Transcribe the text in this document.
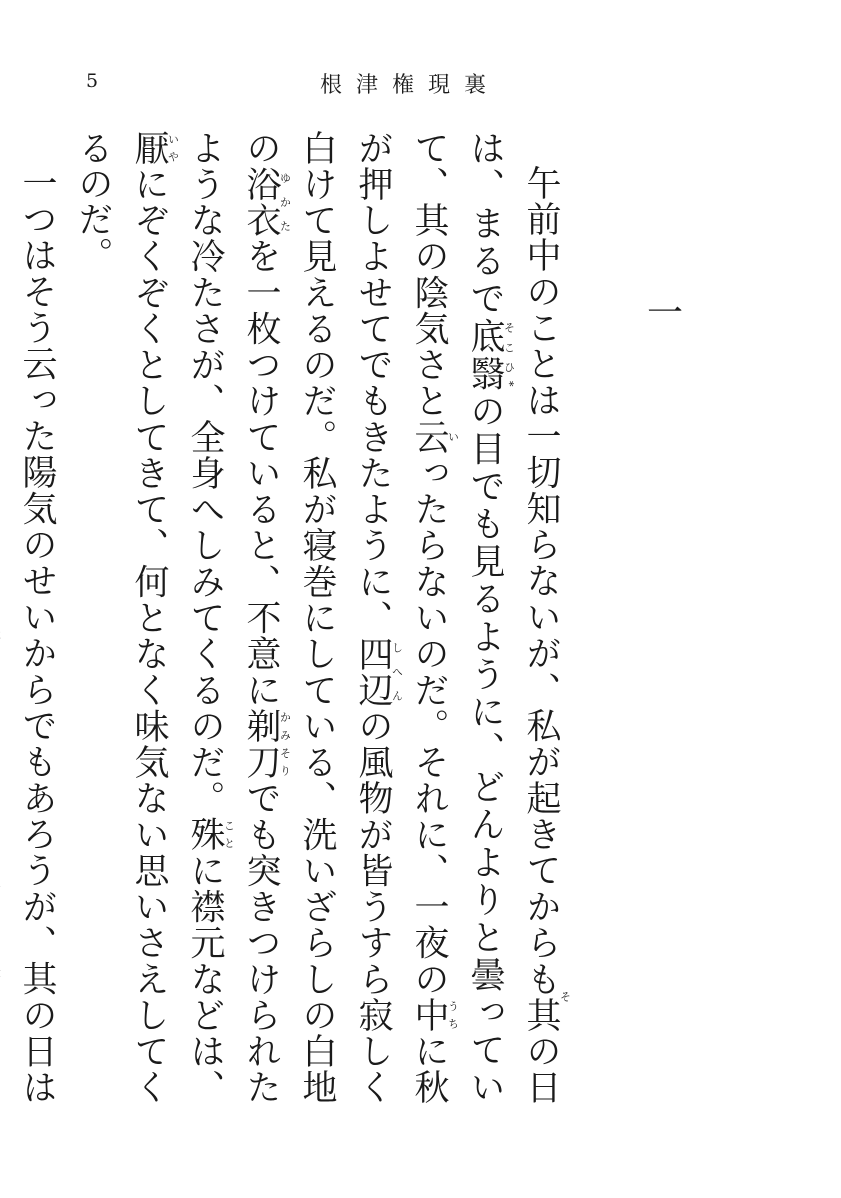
5	根津権現裏
一

午前中のことは一切知らないが、私が起きてからも其その日は、まるで底翳そこひ*の目でも見るように、どんよりと曇っていて、其の陰気さと云いったらないのだ。それに、一夜の中うちに秋が押しよせてでもきたように、四辺しへんの風物が皆うすら寂しく白けて見えるのだ。私が寝巻にしている、洗いざらしの白地の浴衣ゆかたを一枚つけていると、不意に剃刀かみそりでも突きつけられたような冷たさが、全身へしみてくるのだ。殊ことに襟元などは、厭いやにぞくぞくとしてきて、何となく味気ない思いさえしてくるのだ。

一つはそう云った陽気のせいからでもあろうが、其の日は
